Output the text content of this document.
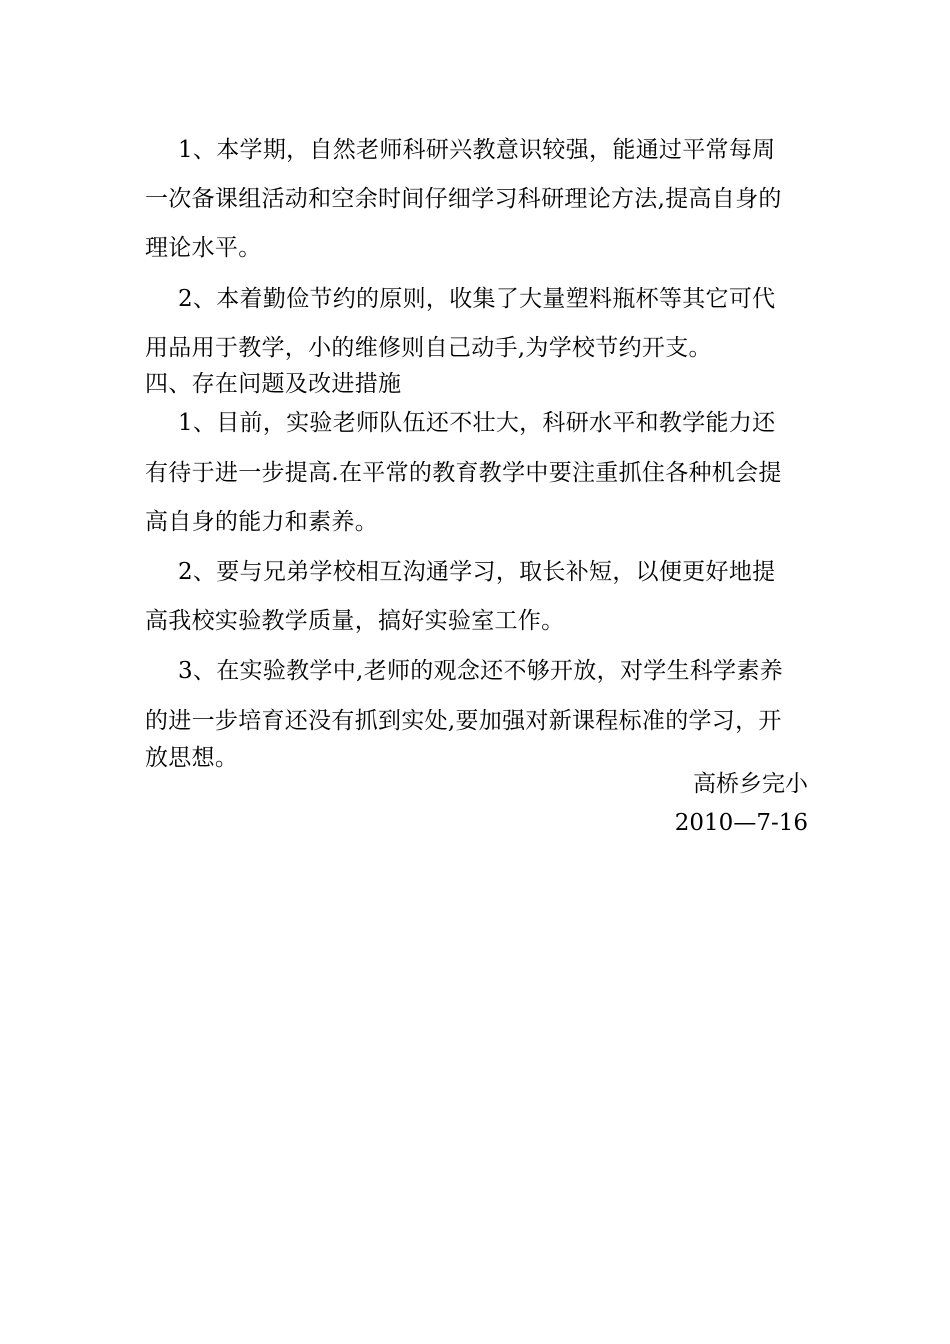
1、本学期，自然老师科研兴教意识较强，能通过平常每周
一次备课组活动和空余时间仔细学习科研理论方法,提高自身的
理论水平。
2、本着勤俭节约的原则，收集了大量塑料瓶杯等其它可代
用品用于教学，小的维修则自己动手,为学校节约开支。
四、存在问题及改进措施
1、目前，实验老师队伍还不壮大，科研水平和教学能力还
有待于进一步提高.在平常的教育教学中要注重抓住各种机会提
高自身的能力和素养。
2、要与兄弟学校相互沟通学习，取长补短，以便更好地提
高我校实验教学质量，搞好实验室工作。
3、在实验教学中,老师的观念还不够开放，对学生科学素养
的进一步培育还没有抓到实处,要加强对新课程标准的学习，开
放思想。
高桥乡完小
2010—7-16
